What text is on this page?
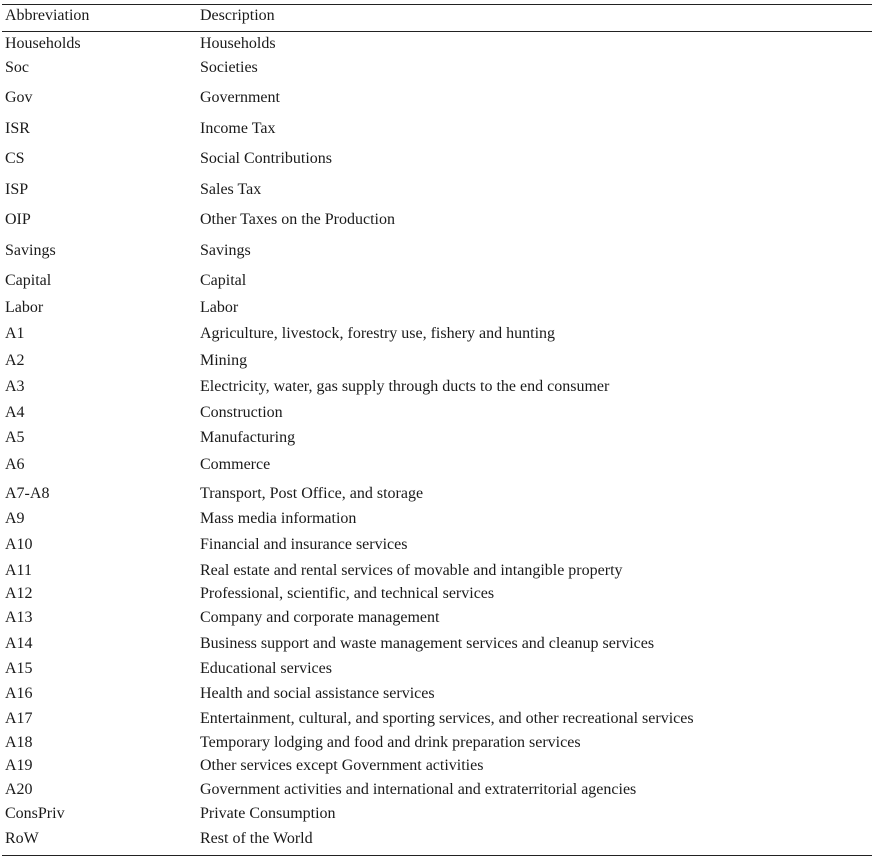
Abbreviation	Description
Households	Households
Soc	Societies
Gov	Government
ISR	Income Tax
CS	Social Contributions
ISP	Sales Tax
OIP	Other Taxes on the Production
Savings	Savings
Capital	Capital
Labor	Labor
A1	Agriculture, livestock, forestry use, fishery and hunting
A2	Mining
A3	Electricity, water, gas supply through ducts to the end consumer
A4	Construction
A5	Manufacturing
A6	Commerce
A7-A8	Transport, Post Office, and storage
A9	Mass media information
A10	Financial and insurance services
A11	Real estate and rental services of movable and intangible property
A12	Professional, scientific, and technical services
A13	Company and corporate management
A14	Business support and waste management services and cleanup services
A15	Educational services
A16	Health and social assistance services
A17	Entertainment, cultural, and sporting services, and other recreational services
A18	Temporary lodging and food and drink preparation services
A19	Other services except Government activities
A20	Government activities and international and extraterritorial agencies
ConsPriv	Private Consumption
RoW	Rest of the World
